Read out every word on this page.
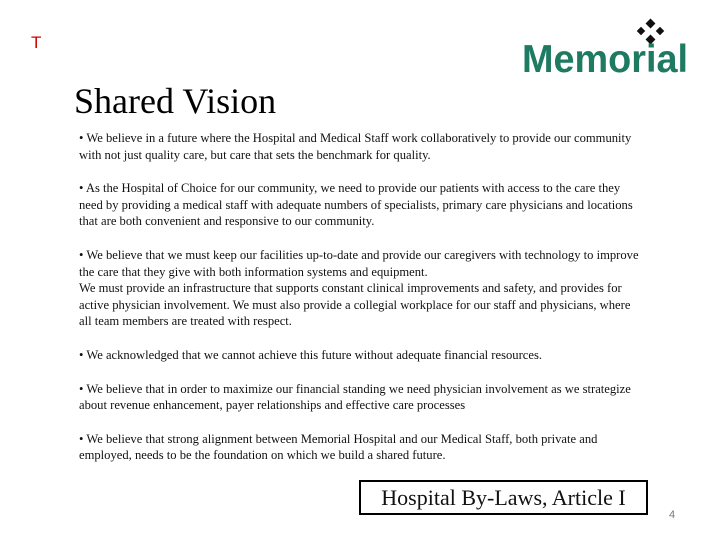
T	Memorial
Shared Vision

• We believe in a future where the Hospital and Medical Staff work collaboratively to provide our community with not just quality care, but care that sets the benchmark for quality.

• As the Hospital of Choice for our community, we need to provide our patients with access to the care they need by providing a medical staff with adequate numbers of specialists, primary care physicians and locations that are both convenient and responsive to our community.

• We believe that we must keep our facilities up-to-date and provide our caregivers with technology to improve the care that they give with both information systems and equipment.

We must provide an infrastructure that supports constant clinical improvements and safety, and provides for active physician involvement. We must also provide a collegial workplace for our staff and physicians, where all team members are treated with respect.

• We acknowledged that we cannot achieve this future without adequate financial resources.

• We believe that in order to maximize our financial standing we need physician involvement as we strategize about revenue enhancement, payer relationships and effective care processes

• We believe that strong alignment between Memorial Hospital and our Medical Staff, both private and employed, needs to be the foundation on which we build a shared future.

Hospital By-Laws, Article I
4
